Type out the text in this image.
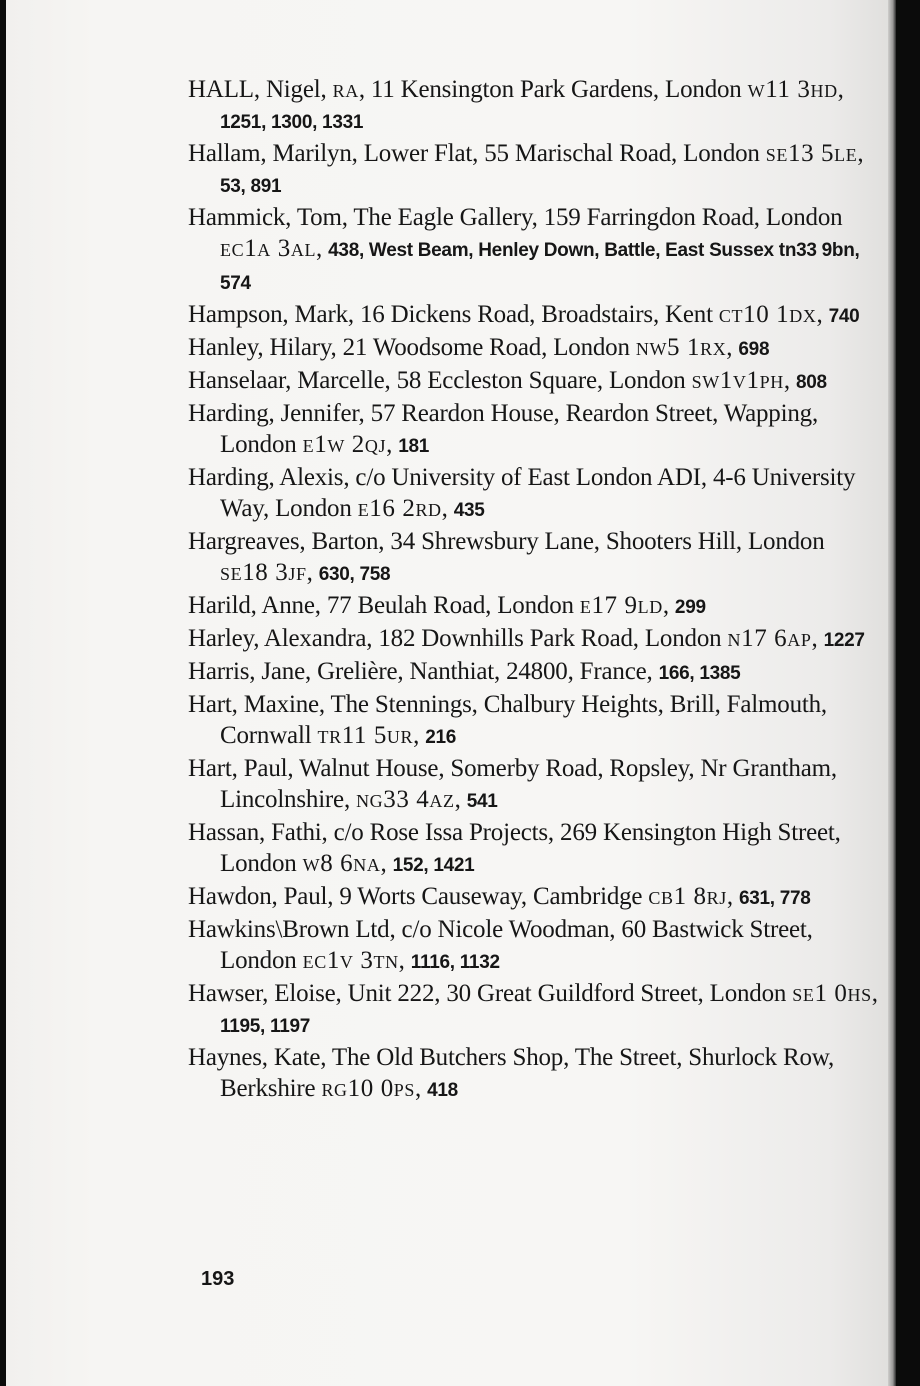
HALL, Nigel, ra, 11 Kensington Park Gardens, London w11 3hd, 1251, 1300, 1331

Hallam, Marilyn, Lower Flat, 55 Marischal Road, London se13 5le, 53, 891

Hammick, Tom, The Eagle Gallery, 159 Farringdon Road, London ec1a 3al, 438, West Beam, Henley Down, Battle, East Sussex tn33 9bn, 574

Hampson, Mark, 16 Dickens Road, Broadstairs, Kent ct10 1dx, 740

Hanley, Hilary, 21 Woodsome Road, London nw5 1rx, 698

Hanselaar, Marcelle, 58 Eccleston Square, London sw1v1ph, 808

Harding, Jennifer, 57 Reardon House, Reardon Street, Wapping, London e1w 2qj, 181

Harding, Alexis, c/o University of East London ADI, 4-6 University Way, London e16 2rd, 435

Hargreaves, Barton, 34 Shrewsbury Lane, Shooters Hill, London se18 3jf, 630, 758

Harild, Anne, 77 Beulah Road, London e17 9ld, 299

Harley, Alexandra, 182 Downhills Park Road, London n17 6ap, 1227

Harris, Jane, Grelière, Nanthiat, 24800, France, 166, 1385

Hart, Maxine, The Stennings, Chalbury Heights, Brill, Falmouth, Cornwall tr11 5ur, 216

Hart, Paul, Walnut House, Somerby Road, Ropsley, Nr Grantham, Lincolnshire, ng33 4az, 541

Hassan, Fathi, c/o Rose Issa Projects, 269 Kensington High Street, London w8 6na, 152, 1421

Hawdon, Paul, 9 Worts Causeway, Cambridge cb1 8rj, 631, 778

Hawkins\Brown Ltd, c/o Nicole Woodman, 60 Bastwick Street, London ec1v 3tn, 1116, 1132

Hawser, Eloise, Unit 222, 30 Great Guildford Street, London se1 0hs, 1195, 1197

Haynes, Kate, The Old Butchers Shop, The Street, Shurlock Row, Berkshire rg10 0ps, 418

193
